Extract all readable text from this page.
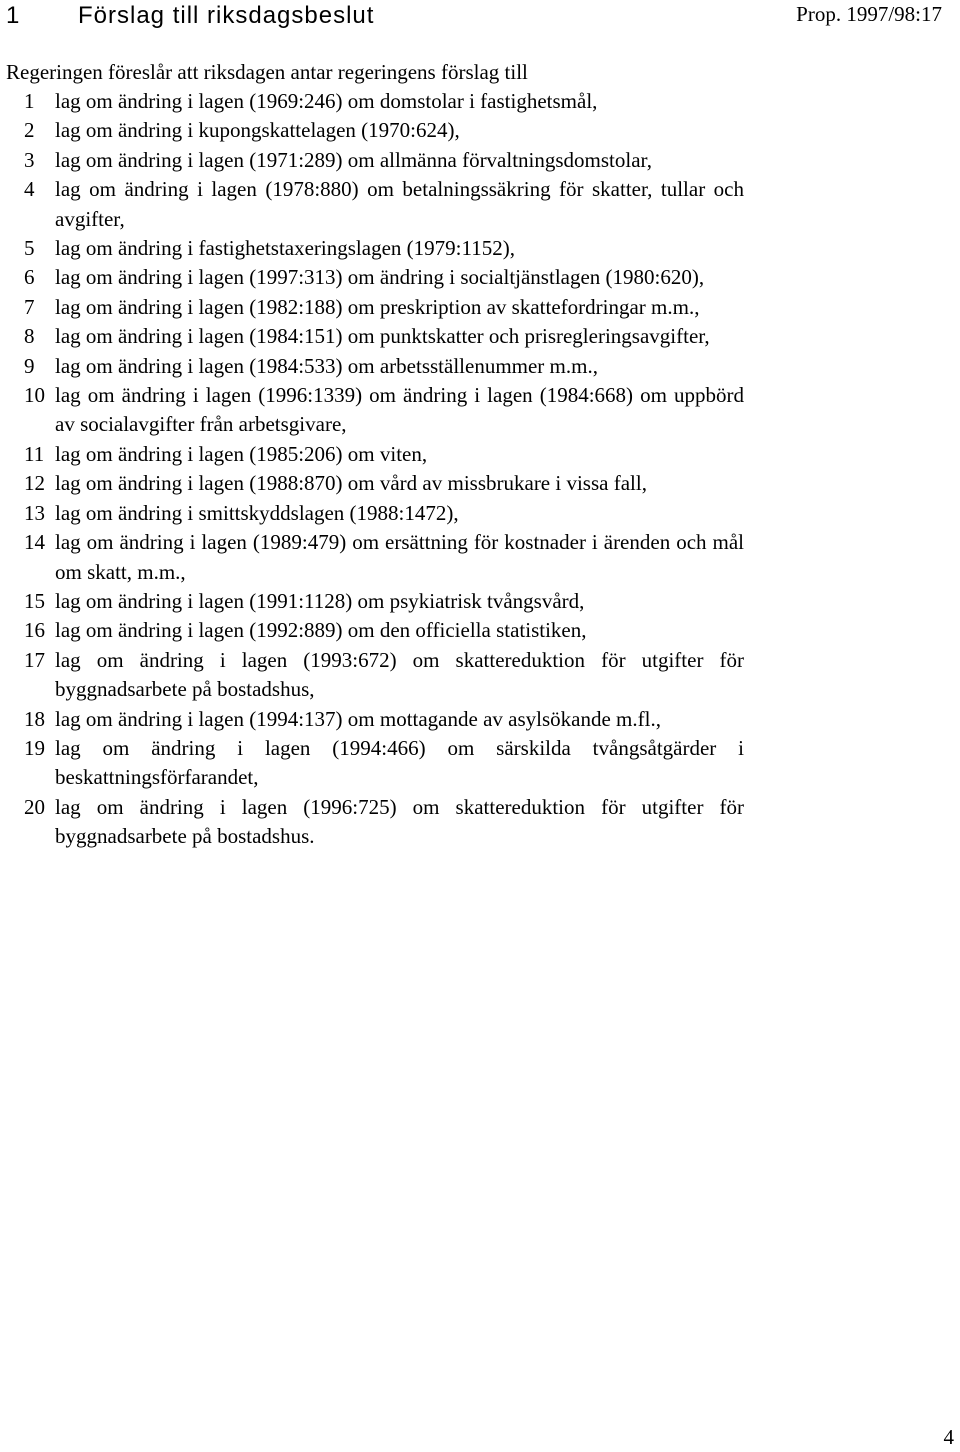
1 Förslag till riksdagsbeslut	Prop. 1997/98:17
Regeringen föreslår att riksdagen antar regeringens förslag till
1 lag om ändring i lagen (1969:246) om domstolar i fastighetsmål,
2 lag om ändring i kupongskattelagen (1970:624),
3 lag om ändring i lagen (1971:289) om allmänna förvaltningsdomstolar,
4 lag om ändring i lagen (1978:880) om betalningssäkring för skatter, tullar och avgifter,
5 lag om ändring i fastighetstaxeringslagen (1979:1152),
6 lag om ändring i lagen (1997:313) om ändring i socialtjänstlagen (1980:620),
7 lag om ändring i lagen (1982:188) om preskription av skattefordringar m.m.,
8 lag om ändring i lagen (1984:151) om punktskatter och prisregleringsavgifter,
9 lag om ändring i lagen (1984:533) om arbetsställenummer m.m.,
10 lag om ändring i lagen (1996:1339) om ändring i lagen (1984:668) om uppbörd av socialavgifter från arbetsgivare,
11 lag om ändring i lagen (1985:206) om viten,
12 lag om ändring i lagen (1988:870) om vård av missbrukare i vissa fall,
13 lag om ändring i smittskyddslagen (1988:1472),
14 lag om ändring i lagen (1989:479) om ersättning för kostnader i ärenden och mål om skatt, m.m.,
15 lag om ändring i lagen (1991:1128) om psykiatrisk tvångsvård,
16 lag om ändring i lagen (1992:889) om den officiella statistiken,
17 lag om ändring i lagen (1993:672) om skattereduktion för utgifter för byggnadsarbete på bostadshus,
18 lag om ändring i lagen (1994:137) om mottagande av asylsökande m.fl.,
19 lag om ändring i lagen (1994:466) om särskilda tvångsåtgärder i beskattningsförfarandet,
20 lag om ändring i lagen (1996:725) om skattereduktion för utgifter för byggnadsarbete på bostadshus.
4
